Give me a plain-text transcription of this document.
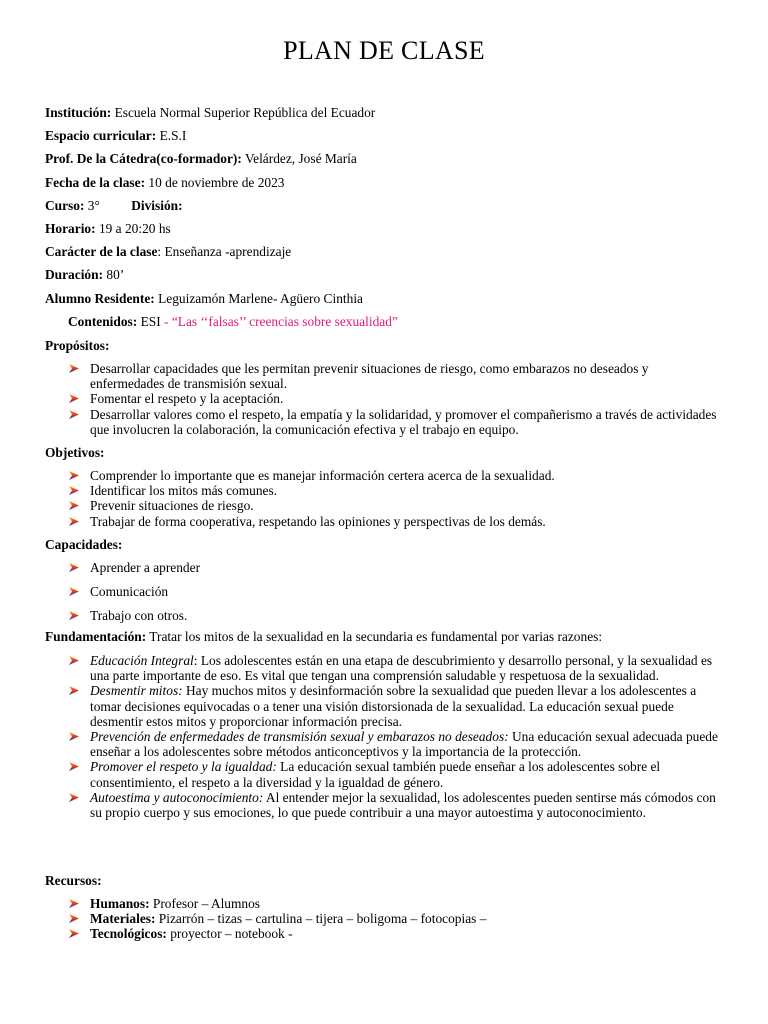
PLAN DE CLASE
Institución: Escuela Normal Superior República del Ecuador
Espacio curricular: E.S.I
Prof. De la Cátedra(co-formador): Velárdez, José María
Fecha de la clase: 10 de noviembre de 2023
Curso: 3° División:
Horario: 19 a 20:20 hs
Carácter de la clase: Enseñanza -aprendizaje
Duración: 80’
Alumno Residente: Leguizamón Marlene- Agüero Cinthia
Contenidos: ESI - “Las ‘‘falsas’’ creencias sobre sexualidad”
Propósitos:
Desarrollar capacidades que les permitan prevenir situaciones de riesgo, como embarazos no deseados y enfermedades de transmisión sexual.
Fomentar el respeto y la aceptación.
Desarrollar valores como el respeto, la empatía y la solidaridad, y promover el compañerismo a través de actividades que involucren la colaboración, la comunicación efectiva y el trabajo en equipo.
Objetivos:
Comprender lo importante que es manejar información certera acerca de la sexualidad.
Identificar los mitos más comunes.
Prevenir situaciones de riesgo.
Trabajar de forma cooperativa, respetando las opiniones y perspectivas de los demás.
Capacidades:
Aprender a aprender
Comunicación
Trabajo con otros.
Fundamentación: Tratar los mitos de la sexualidad en la secundaria es fundamental por varias razones:
Educación Integral: Los adolescentes están en una etapa de descubrimiento y desarrollo personal, y la sexualidad es una parte importante de eso. Es vital que tengan una comprensión saludable y respetuosa de la sexualidad.
Desmentir mitos: Hay muchos mitos y desinformación sobre la sexualidad que pueden llevar a los adolescentes a tomar decisiones equivocadas o a tener una visión distorsionada de la sexualidad. La educación sexual puede desmentir estos mitos y proporcionar información precisa.
Prevención de enfermedades de transmisión sexual y embarazos no deseados: Una educación sexual adecuada puede enseñar a los adolescentes sobre métodos anticonceptivos y la importancia de la protección.
Promover el respeto y la igualdad: La educación sexual también puede enseñar a los adolescentes sobre el consentimiento, el respeto a la diversidad y la igualdad de género.
Autoestima y autoconocimiento: Al entender mejor la sexualidad, los adolescentes pueden sentirse más cómodos con su propio cuerpo y sus emociones, lo que puede contribuir a una mayor autoestima y autoconocimiento.
Recursos:
Humanos: Profesor – Alumnos
Materiales: Pizarrón – tizas – cartulina – tijera – boligoma – fotocopias –
Tecnológicos: proyector – notebook -
